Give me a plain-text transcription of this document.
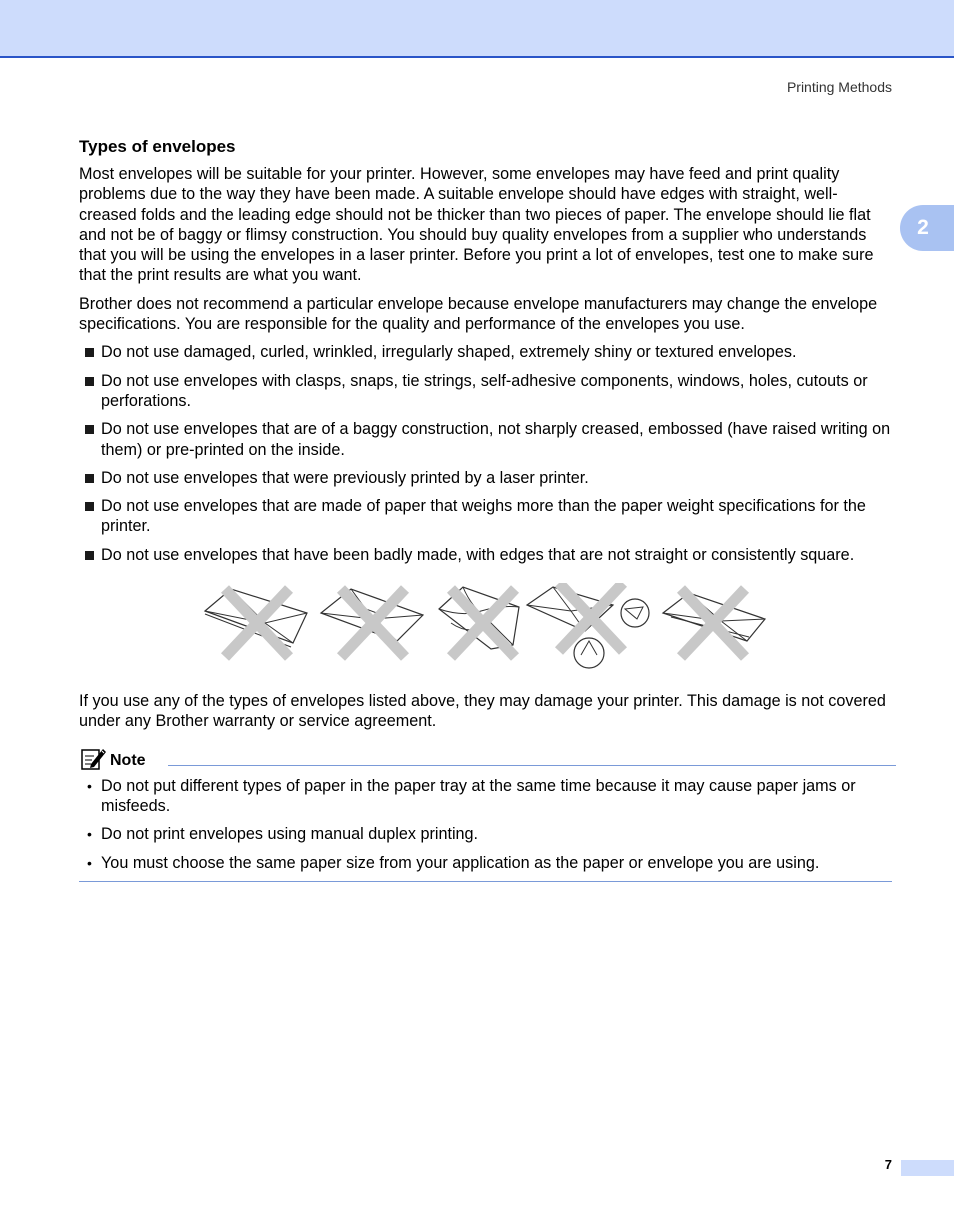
Printing Methods
2
Types of envelopes

Most envelopes will be suitable for your printer. However, some envelopes may have feed and print quality problems due to the way they have been made. A suitable envelope should have edges with straight, well-creased folds and the leading edge should not be thicker than two pieces of paper. The envelope should lie flat and not be of baggy or flimsy construction. You should buy quality envelopes from a supplier who understands that you will be using the envelopes in a laser printer. Before you print a lot of envelopes, test one to make sure that the print results are what you want.

Brother does not recommend a particular envelope because envelope manufacturers may change the envelope specifications. You are responsible for the quality and performance of the envelopes you use.

Do not use damaged, curled, wrinkled, irregularly shaped, extremely shiny or textured envelopes.
Do not use envelopes with clasps, snaps, tie strings, self-adhesive components, windows, holes, cutouts or perforations.
Do not use envelopes that are of a baggy construction, not sharply creased, embossed (have raised writing on them) or pre-printed on the inside.
Do not use envelopes that were previously printed by a laser printer.
Do not use envelopes that are made of paper that weighs more than the paper weight specifications for the printer.
Do not use envelopes that have been badly made, with edges that are not straight or consistently square.

If you use any of the types of envelopes listed above, they may damage your printer. This damage is not covered under any Brother warranty or service agreement.

Note
• Do not put different types of paper in the paper tray at the same time because it may cause paper jams or misfeeds.
• Do not print envelopes using manual duplex printing.
• You must choose the same paper size from your application as the paper or envelope you are using.
7
